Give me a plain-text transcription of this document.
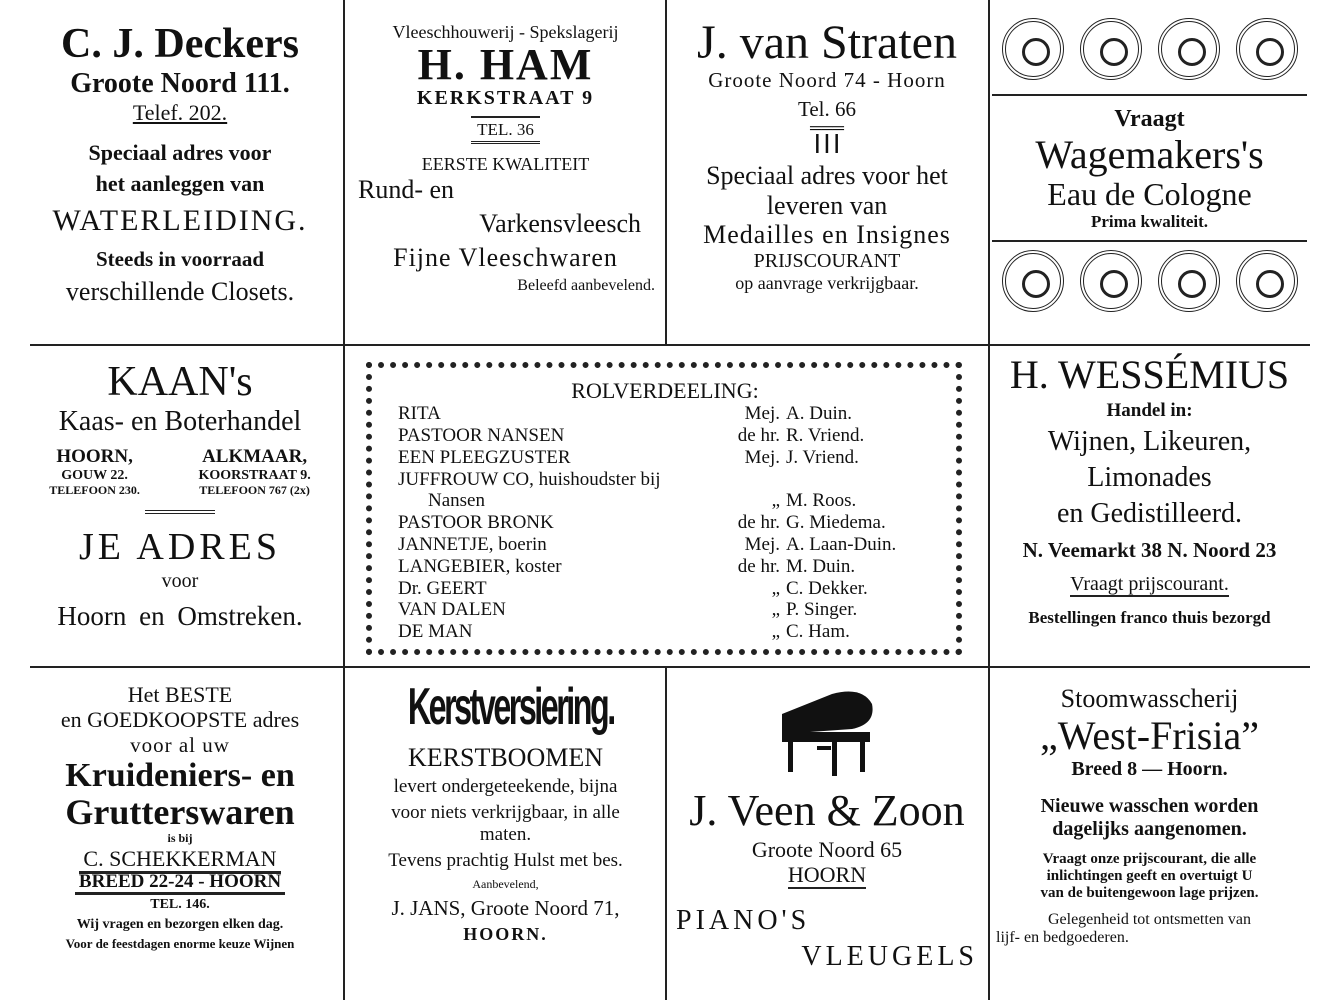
C. J. Deckers
Groote Noord 111.
Telef. 202.
Speciaal adres voor
het aanleggen van
WATERLEIDING.
Steeds in voorraad
verschillende Closets.
Vleeschhouwerij - Spekslagerij
H. HAM
KERKSTRAAT 9
TEL. 36
EERSTE KWALITEIT
Rund- en
Varkensvleesch
Fijne Vleeschwaren
Beleefd aanbevelend.
J. van Straten
Groote Noord 74 - Hoorn
Tel. 66
═══
┃┃┃
Speciaal adres voor het
leveren van
Medailles en Insignes
PRIJSCOURANT
op aanvrage verkrijgbaar.
Vraagt
Wagemakers's
Eau de Cologne
Prima kwaliteit.
KAAN's
Kaas- en Boterhandel
HOORN,
GOUW 22.
TELEFOON 230.
ALKMAAR,
KOORSTRAAT 9.
TELEFOON 767 (2x)
JE ADRES
voor
Hoorn en Omstreken.
ROLVERDEELING:
RITA	Mej. A. Duin.
PASTOOR NANSEN	de hr. R. Vriend.
EEN PLEEGZUSTER	Mej. J. Vriend.
JUFFROUW CO, huishoudster bij
Nansen	„ M. Roos.
PASTOOR BRONK	de hr. G. Miedema.
JANNETJE, boerin	Mej. A. Laan-Duin.
LANGEBIER, koster	de hr. M. Duin.
Dr. GEERT	„ C. Dekker.
VAN DALEN	„ P. Singer.
DE MAN	„ C. Ham.
H. WESSÉMIUS
Handel in:
Wijnen, Likeuren,
Limonades
en Gedistilleerd.
N. Veemarkt 38 N. Noord 23
Vraagt prijscourant.
Bestellingen franco thuis bezorgd
Het BESTE
en GOEDKOOPSTE adres
voor al uw
Kruideniers- en
Grutterswaren
is bij
C. SCHEKKERMAN
BREED 22-24 - HOORN
TEL. 146.
Wij vragen en bezorgen elken dag.
Voor de feestdagen enorme keuze Wijnen
Kerstversiering.
KERSTBOOMEN
levert ondergeteekende, bijna
voor niets verkrijgbaar, in alle
maten.
Tevens prachtig Hulst met bes.
Aanbevelend,
J. JANS, Groote Noord 71,
HOORN.
J. Veen & Zoon
Groote Noord 65
HOORN
PIANO'S
VLEUGELS
Stoomwasscherij
„West-Frisia”
Breed 8 — Hoorn.
Nieuwe wasschen worden
dagelijks aangenomen.
Vraagt onze prijscourant, die alle
inlichtingen geeft en overtuigt U
van de buitengewoon lage prijzen.
Gelegenheid tot ontsmetten van
lijf- en bedgoederen.
